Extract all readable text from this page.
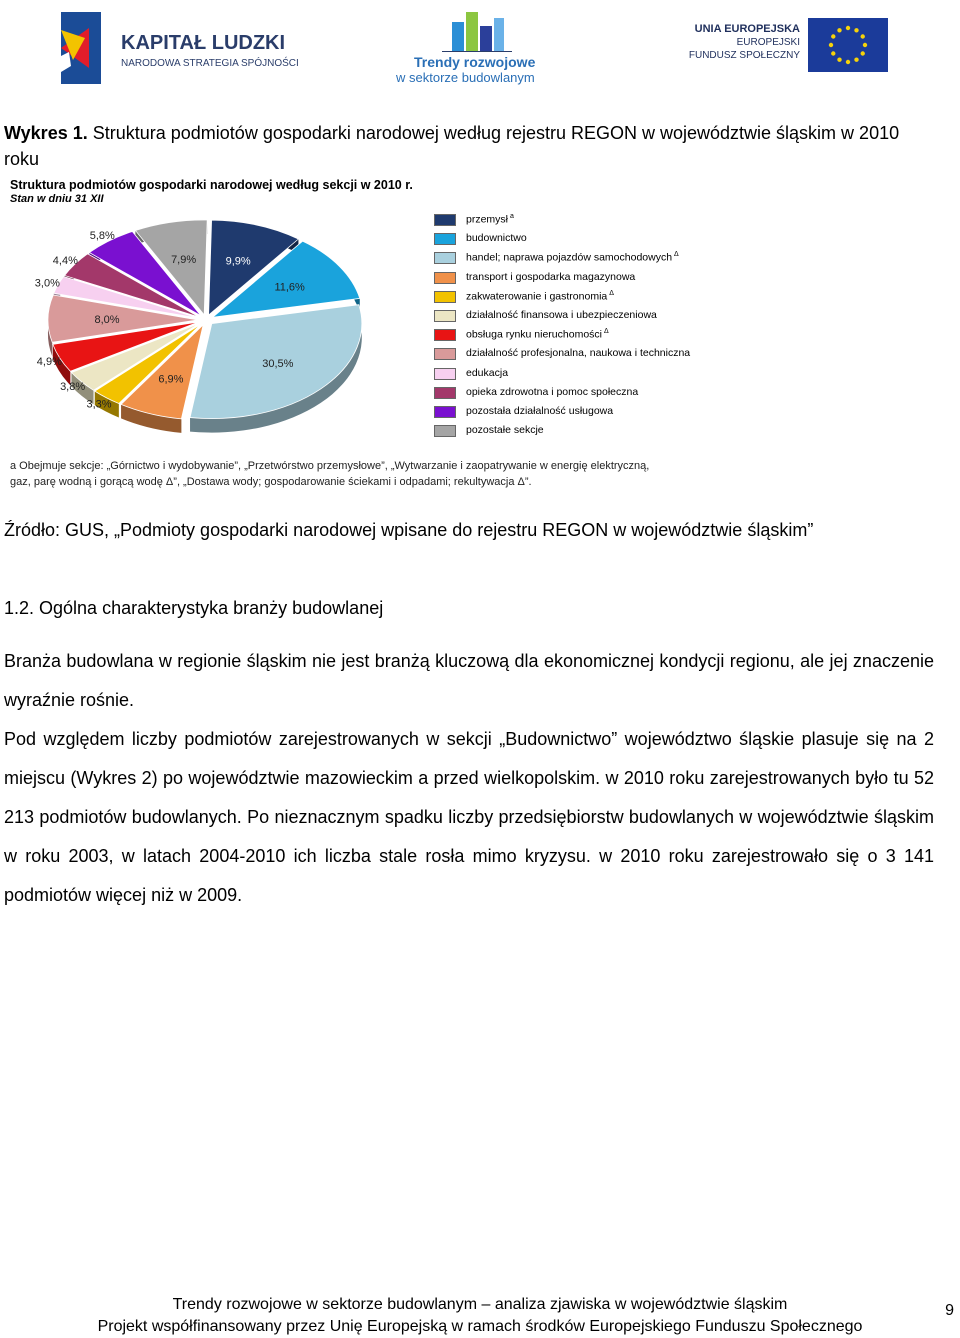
KAPITAŁ LUDZKI
NARODOWA STRATEGIA SPÓJNOŚCI	Trendy rozwojowe
w sektorze budowlanym
UNIA EUROPEJSKA
EUROPEJSKI
FUNDUSZ SPOŁECZNY
Wykres 1. Struktura podmiotów gospodarki narodowej według rejestru REGON w województwie śląskim w 2010 roku
Struktura podmiotów gospodarki narodowej według sekcji w 2010 r.
Stan w dniu 31 XII
9,9%
11,6%
30,5%
6,9%
3,3%
3,8%
4,9%
8,0%
3,0%
4,4%
5,8%
7,9%
przemysł $^a$
budownictwo
handel; naprawa pojazdów samochodowych $^\Delta$
transport i gospodarka magazynowa
zakwaterowanie i gastronomia $^\Delta$
działalność finansowa i ubezpieczeniowa
obsługa rynku nieruchomości $^\Delta$
działalność profesjonalna, naukowa i techniczna
edukacja
opieka zdrowotna i pomoc społeczna
pozostała działalność usługowa
pozostałe sekcje
a Obejmuje sekcje: „Górnictwo i wydobywanie”, „Przetwórstwo przemysłowe”, „Wytwarzanie i zaopatrywanie w energię elektryczną,
gaz, parę wodną i gorącą wodę Δ”, „Dostawa wody; gospodarowanie ściekami i odpadami; rekultywacja Δ”.
Źródło: GUS, „Podmioty gospodarki narodowej wpisane do rejestru REGON w województwie śląskim”
1.2. Ogólna charakterystyka branży budowlanej
Branża budowlana w regionie śląskim nie jest branżą kluczową dla ekonomicznej kondycji regionu, ale jej znaczenie wyraźnie rośnie.
Pod względem liczby podmiotów zarejestrowanych w sekcji „Budownictwo” województwo śląskie plasuje się na 2 miejscu (Wykres 2) po województwie mazowieckim a przed wielkopolskim. w 2010 roku zarejestrowanych było tu 52 213 podmiotów budowlanych. Po nieznacznym spadku liczby przedsiębiorstw budowlanych w województwie śląskim w roku 2003, w latach 2004-2010 ich liczba stale rosła mimo kryzysu. w 2010 roku zarejestrowało się o 3 141 podmiotów więcej niż w 2009.
Trendy rozwojowe w sektorze budowlanym – analiza zjawiska w województwie śląskim
Projekt współfinansowany przez Unię Europejską w ramach środków Europejskiego Funduszu Społecznego
9
